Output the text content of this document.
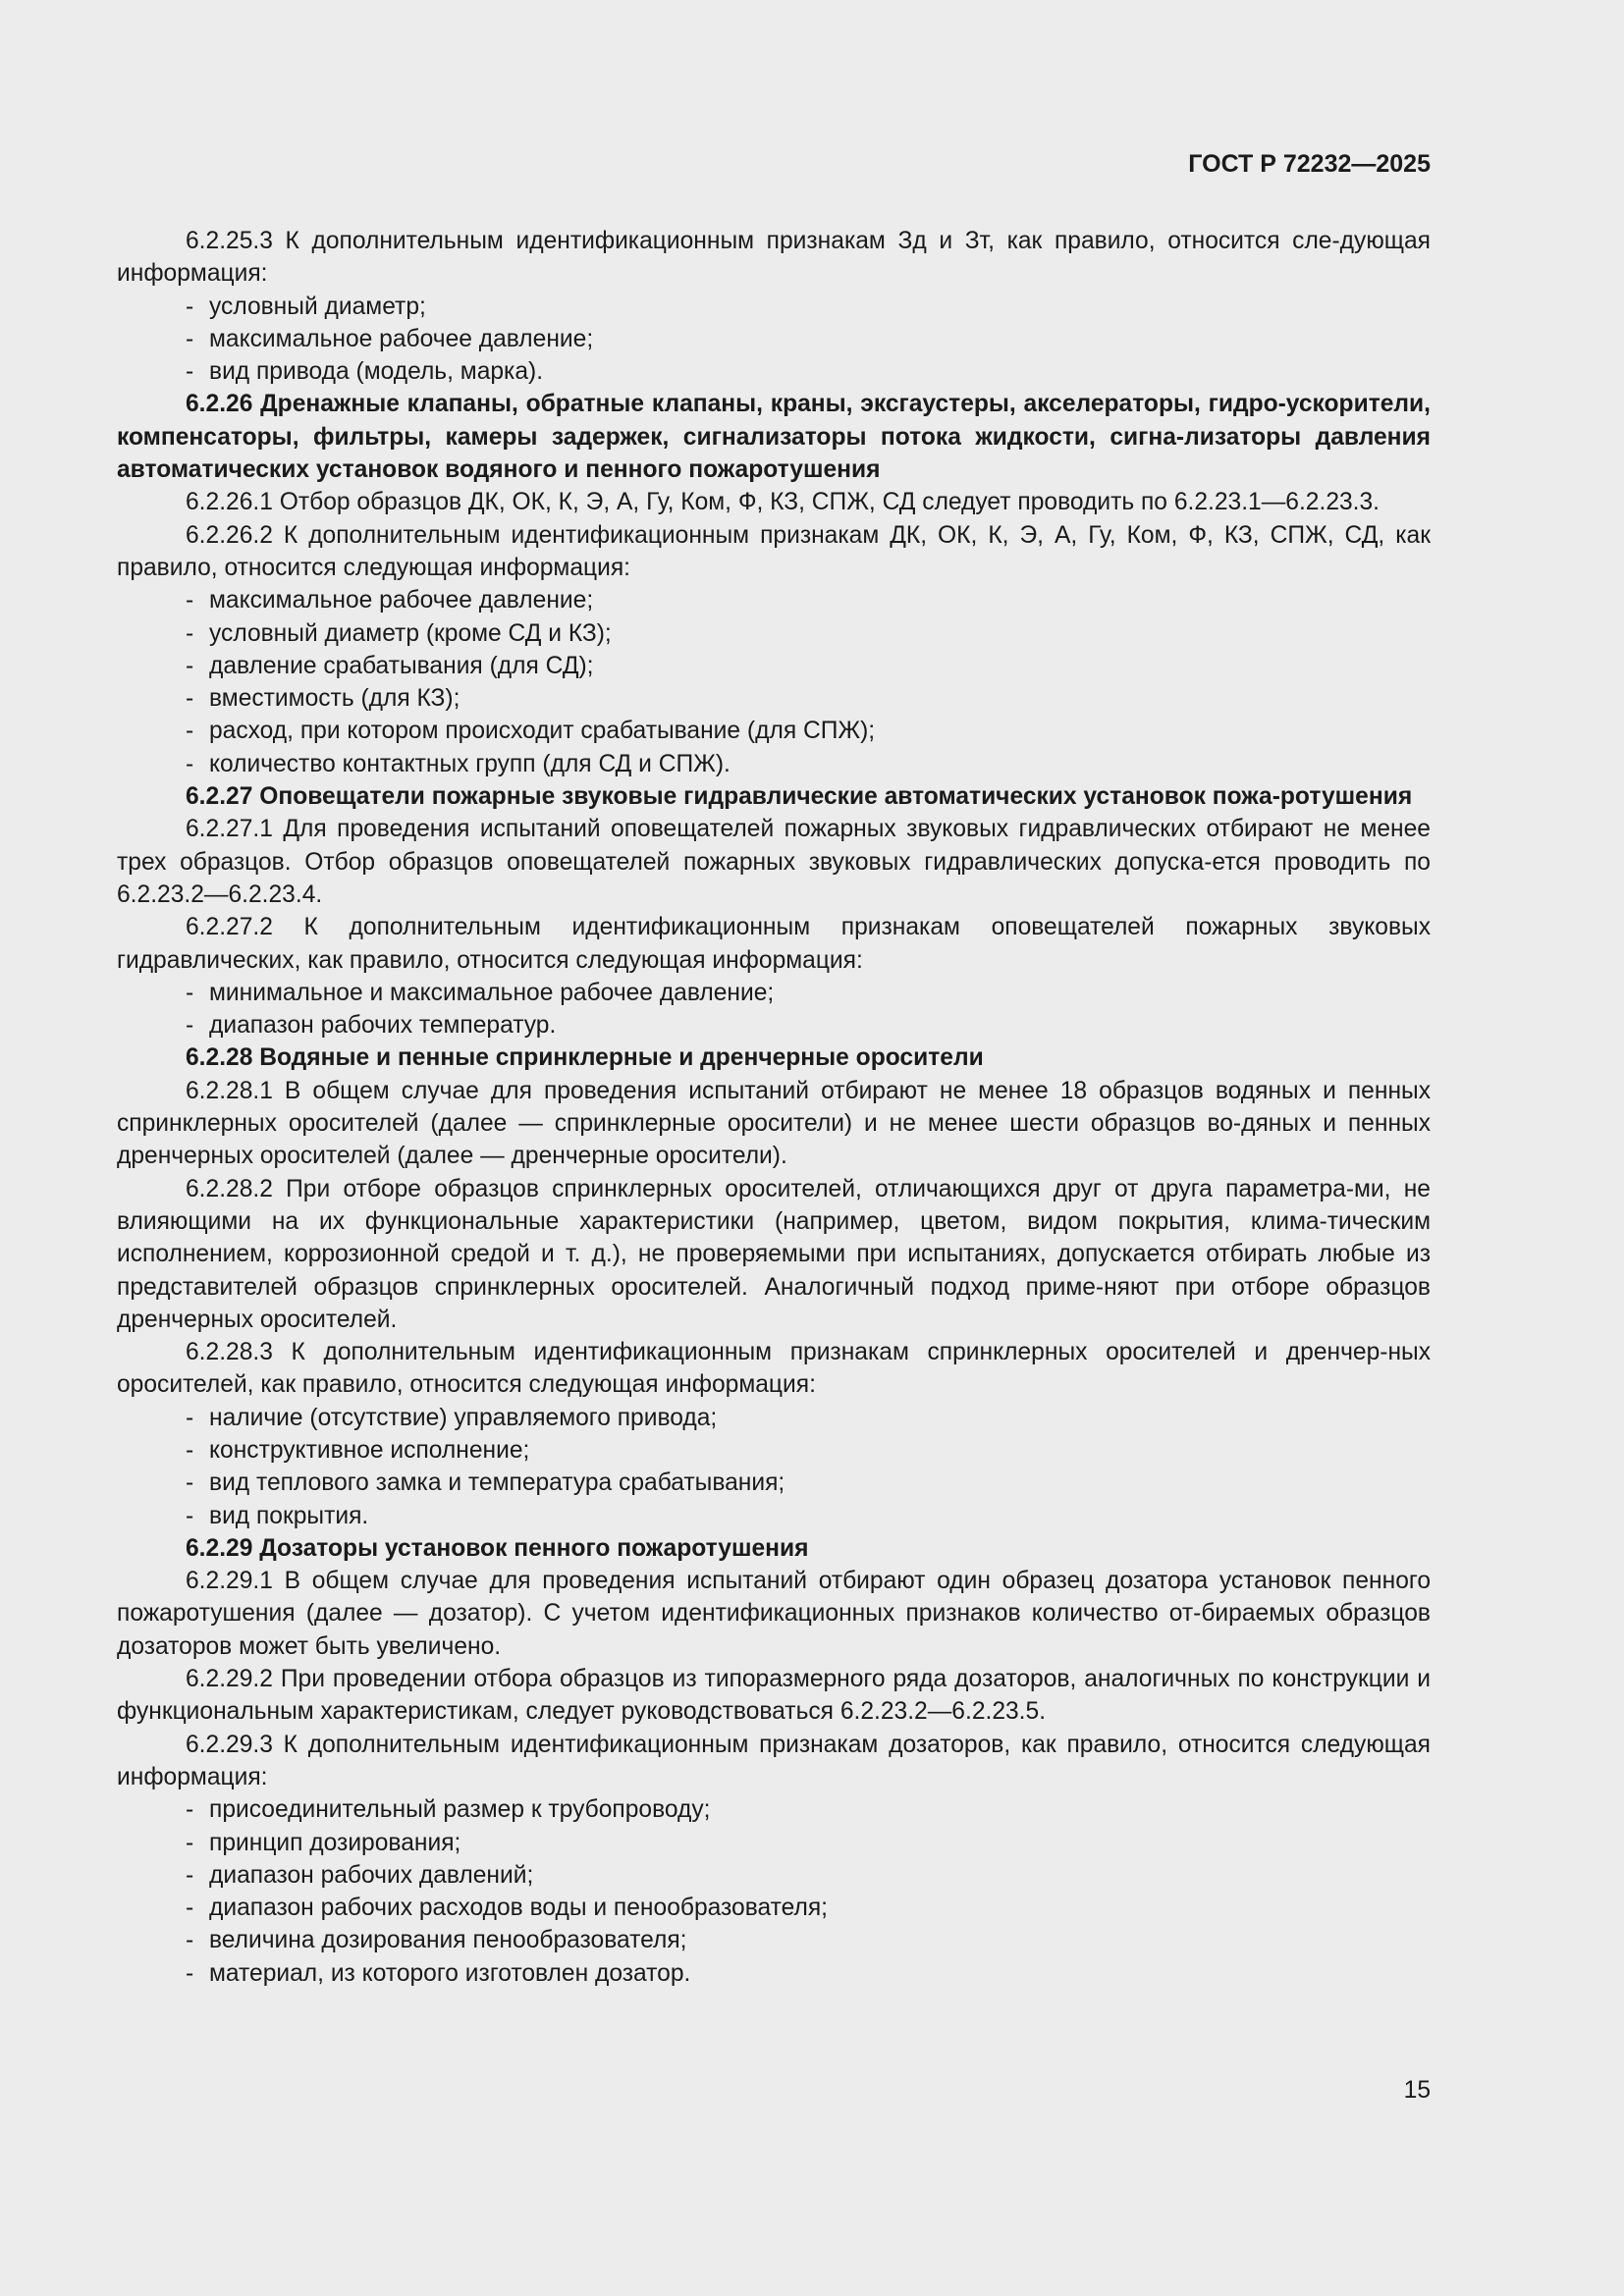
ГОСТ Р 72232—2025
6.2.25.3 К дополнительным идентификационным признакам Зд и Зт, как правило, относится сле-дующая информация:
- условный диаметр;
- максимальное рабочее давление;
- вид привода (модель, марка).
6.2.26 Дренажные клапаны, обратные клапаны, краны, эксгаустеры, акселераторы, гидро-ускорители, компенсаторы, фильтры, камеры задержек, сигнализаторы потока жидкости, сигна-лизаторы давления автоматических установок водяного и пенного пожаротушения
6.2.26.1 Отбор образцов ДК, ОК, К, Э, А, Гу, Ком, Ф, КЗ, СПЖ, СД следует проводить по 6.2.23.1—6.2.23.3.
6.2.26.2 К дополнительным идентификационным признакам ДК, ОК, К, Э, А, Гу, Ком, Ф, КЗ, СПЖ, СД, как правило, относится следующая информация:
- максимальное рабочее давление;
- условный диаметр (кроме СД и КЗ);
- давление срабатывания (для СД);
- вместимость (для КЗ);
- расход, при котором происходит срабатывание (для СПЖ);
- количество контактных групп (для СД и СПЖ).
6.2.27 Оповещатели пожарные звуковые гидравлические автоматических установок пожа-ротушения
6.2.27.1 Для проведения испытаний оповещателей пожарных звуковых гидравлических отбирают не менее трех образцов. Отбор образцов оповещателей пожарных звуковых гидравлических допуска-ется проводить по 6.2.23.2—6.2.23.4.
6.2.27.2 К дополнительным идентификационным признакам оповещателей пожарных звуковых гидравлических, как правило, относится следующая информация:
- минимальное и максимальное рабочее давление;
- диапазон рабочих температур.
6.2.28 Водяные и пенные спринклерные и дренчерные оросители
6.2.28.1 В общем случае для проведения испытаний отбирают не менее 18 образцов водяных и пенных спринклерных оросителей (далее — спринклерные оросители) и не менее шести образцов во-дяных и пенных дренчерных оросителей (далее — дренчерные оросители).
6.2.28.2 При отборе образцов спринклерных оросителей, отличающихся друг от друга параметра-ми, не влияющими на их функциональные характеристики (например, цветом, видом покрытия, клима-тическим исполнением, коррозионной средой и т. д.), не проверяемыми при испытаниях, допускается отбирать любые из представителей образцов спринклерных оросителей. Аналогичный подход приме-няют при отборе образцов дренчерных оросителей.
6.2.28.3 К дополнительным идентификационным признакам спринклерных оросителей и дренчер-ных оросителей, как правило, относится следующая информация:
- наличие (отсутствие) управляемого привода;
- конструктивное исполнение;
- вид теплового замка и температура срабатывания;
- вид покрытия.
6.2.29 Дозаторы установок пенного пожаротушения
6.2.29.1 В общем случае для проведения испытаний отбирают один образец дозатора установок пенного пожаротушения (далее — дозатор). С учетом идентификационных признаков количество от-бираемых образцов дозаторов может быть увеличено.
6.2.29.2 При проведении отбора образцов из типоразмерного ряда дозаторов, аналогичных по конструкции и функциональным характеристикам, следует руководствоваться 6.2.23.2—6.2.23.5.
6.2.29.3 К дополнительным идентификационным признакам дозаторов, как правило, относится следующая информация:
- присоединительный размер к трубопроводу;
- принцип дозирования;
- диапазон рабочих давлений;
- диапазон рабочих расходов воды и пенообразователя;
- величина дозирования пенообразователя;
- материал, из которого изготовлен дозатор.
15
